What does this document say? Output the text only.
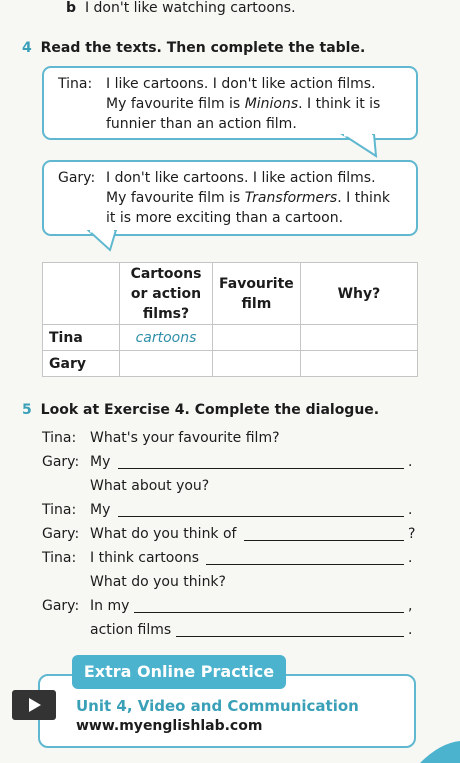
b I don't like watching cartoons.
4 Read the texts. Then complete the table.
Tina: I like cartoons. I don't like action films.
My favourite film is Minions. I think it is
funnier than an action film.
Gary: I don't like cartoons. I like action films.
My favourite film is Transformers. I think
it is more exciting than a cartoon.
	Cartoons
or action
films?	Favourite
film	Why?
Tina	cartoons		
Gary			
5 Look at Exercise 4. Complete the dialogue.
Tina: What's your favourite film?
Gary: My	.
What about you?
Tina: My	.
Gary: What do you think of	?
Tina: I think cartoons	.
What do you think?
Gary: In my	,
action films	.
Extra Online Practice
Unit 4, Video and Communication
www.myenglishlab.com
